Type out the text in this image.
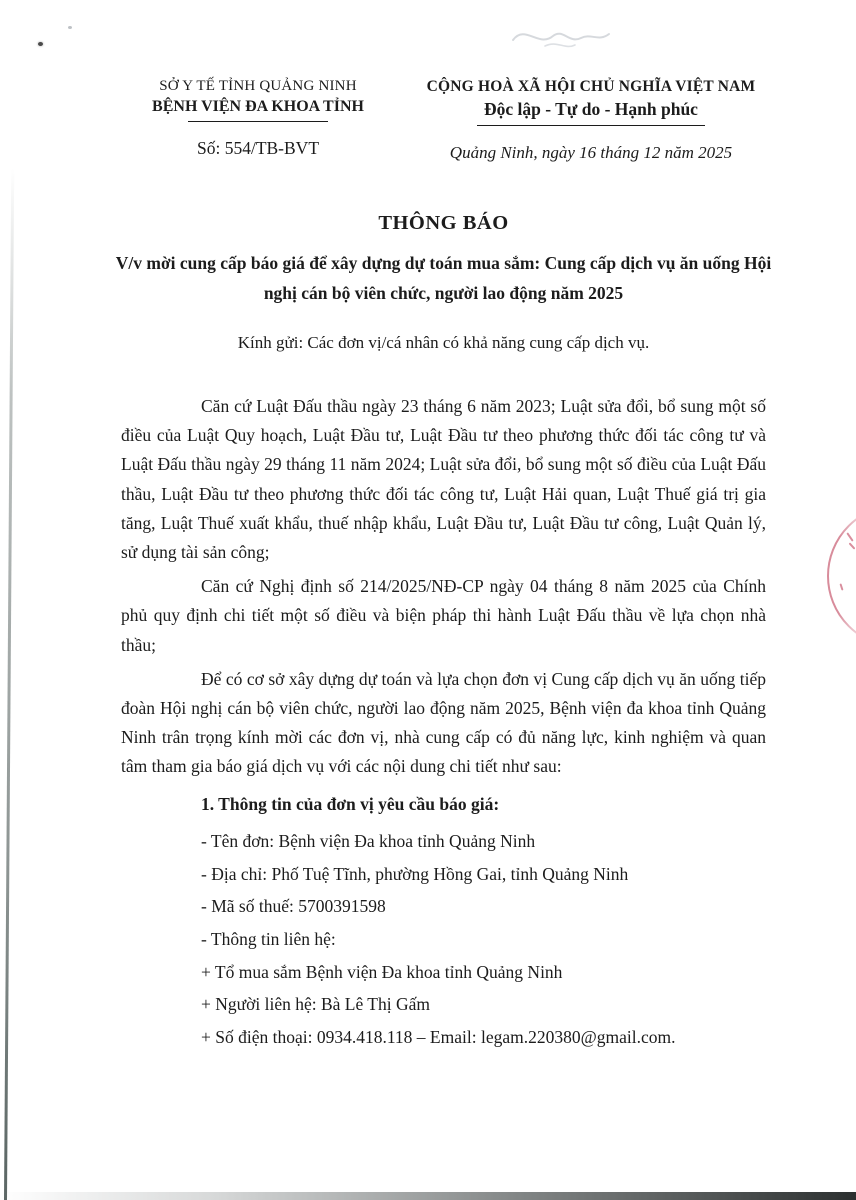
SỞ Y TẾ TỈNH QUẢNG NINH
BỆNH VIỆN ĐA KHOA TỈNH
Số: 554/TB-BVT
CỘNG HOÀ XÃ HỘI CHỦ NGHĨA VIỆT NAM
Độc lập - Tự do - Hạnh phúc
Quảng Ninh, ngày 16 tháng 12 năm 2025
THÔNG BÁO
V/v mời cung cấp báo giá để xây dựng dự toán mua sắm: Cung cấp dịch vụ ăn uống Hội nghị cán bộ viên chức, người lao động năm 2025
Kính gửi: Các đơn vị/cá nhân có khả năng cung cấp dịch vụ.

Căn cứ Luật Đấu thầu ngày 23 tháng 6 năm 2023; Luật sửa đổi, bổ sung một số điều của Luật Quy hoạch, Luật Đầu tư, Luật Đầu tư theo phương thức đối tác công tư và Luật Đấu thầu ngày 29 tháng 11 năm 2024; Luật sửa đổi, bổ sung một số điều của Luật Đấu thầu, Luật Đầu tư theo phương thức đối tác công tư, Luật Hải quan, Luật Thuế giá trị gia tăng, Luật Thuế xuất khẩu, thuế nhập khẩu, Luật Đầu tư, Luật Đầu tư công, Luật Quản lý, sử dụng tài sản công;

Căn cứ Nghị định số 214/2025/NĐ-CP ngày 04 tháng 8 năm 2025 của Chính phủ quy định chi tiết một số điều và biện pháp thi hành Luật Đấu thầu về lựa chọn nhà thầu;

Để có cơ sở xây dựng dự toán và lựa chọn đơn vị Cung cấp dịch vụ ăn uống tiếp đoàn Hội nghị cán bộ viên chức, người lao động năm 2025, Bệnh viện đa khoa tỉnh Quảng Ninh trân trọng kính mời các đơn vị, nhà cung cấp có đủ năng lực, kinh nghiệm và quan tâm tham gia báo giá dịch vụ với các nội dung chi tiết như sau:

1. Thông tin của đơn vị yêu cầu báo giá:
- Tên đơn: Bệnh viện Đa khoa tỉnh Quảng Ninh
- Địa chỉ: Phố Tuệ Tĩnh, phường Hồng Gai, tỉnh Quảng Ninh
- Mã số thuế: 5700391598
- Thông tin liên hệ:
+ Tổ mua sắm Bệnh viện Đa khoa tỉnh Quảng Ninh
+ Người liên hệ: Bà Lê Thị Gấm
+ Số điện thoại: 0934.418.118 – Email: legam.220380@gmail.com.
